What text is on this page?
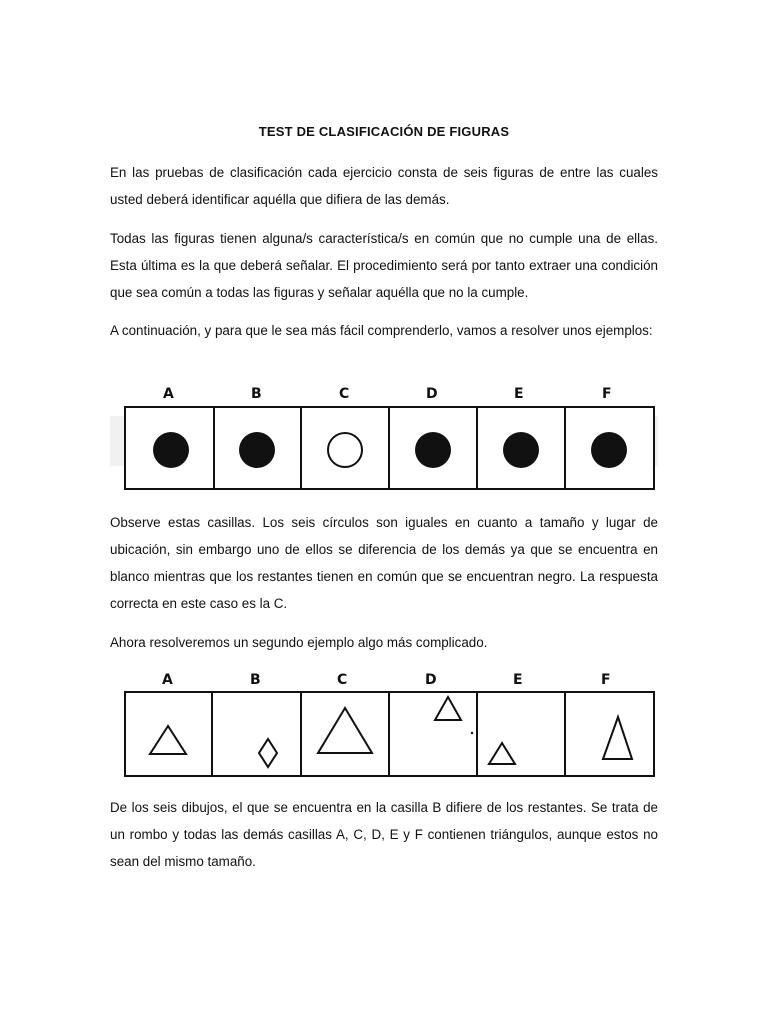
TEST DE CLASIFICACIÓN DE FIGURAS

En las pruebas de clasificación cada ejercicio consta de seis figuras de entre las cuales usted deberá identificar aquélla que difiera de las demás.

Todas las figuras tienen alguna/s característica/s en común que no cumple una de ellas. Esta última es la que deberá señalar. El procedimiento será por tanto extraer una condición que sea común a todas las figuras y señalar aquélla que no la cumple.

A continuación, y para que le sea más fácil comprenderlo, vamos a resolver unos ejemplos:

A	B	C	D	E	F

Observe estas casillas. Los seis círculos son iguales en cuanto a tamaño y lugar de ubicación, sin embargo uno de ellos se diferencia de los demás ya que se encuentra en blanco mientras que los restantes tienen en común que se encuentran negro. La respuesta correcta en este caso es la C.

Ahora resolveremos un segundo ejemplo algo más complicado.

A	B	C	D	E	F

De los seis dibujos, el que se encuentra en la casilla B difiere de los restantes. Se trata de un rombo y todas las demás casillas A, C, D, E y F contienen triángulos, aunque estos no sean del mismo tamaño.
